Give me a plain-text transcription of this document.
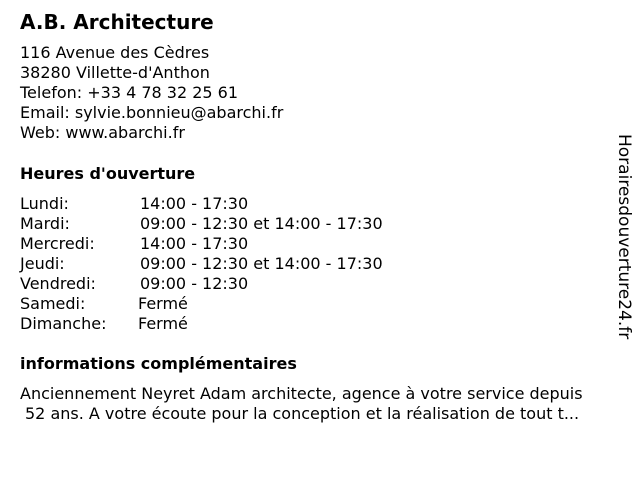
A.B. Architecture
116 Avenue des Cèdres
38280 Villette-d'Anthon
Telefon: +33 4 78 32 25 61
Email: sylvie.bonnieu@abarchi.fr
Web: www.abarchi.fr
Heures d'ouverture
Lundi:	14:00 - 17:30
Mardi:	09:00 - 12:30 et 14:00 - 17:30
Mercredi:	14:00 - 17:30
Jeudi:	09:00 - 12:30 et 14:00 - 17:30
Vendredi:	09:00 - 12:30
Samedi:	Fermé
Dimanche: Fermé
informations complémentaires
Anciennement Neyret Adam architecte, agence à votre service depuis
52 ans. A votre écoute pour la conception et la réalisation de tout t...
Horairesdouverture24.fr
